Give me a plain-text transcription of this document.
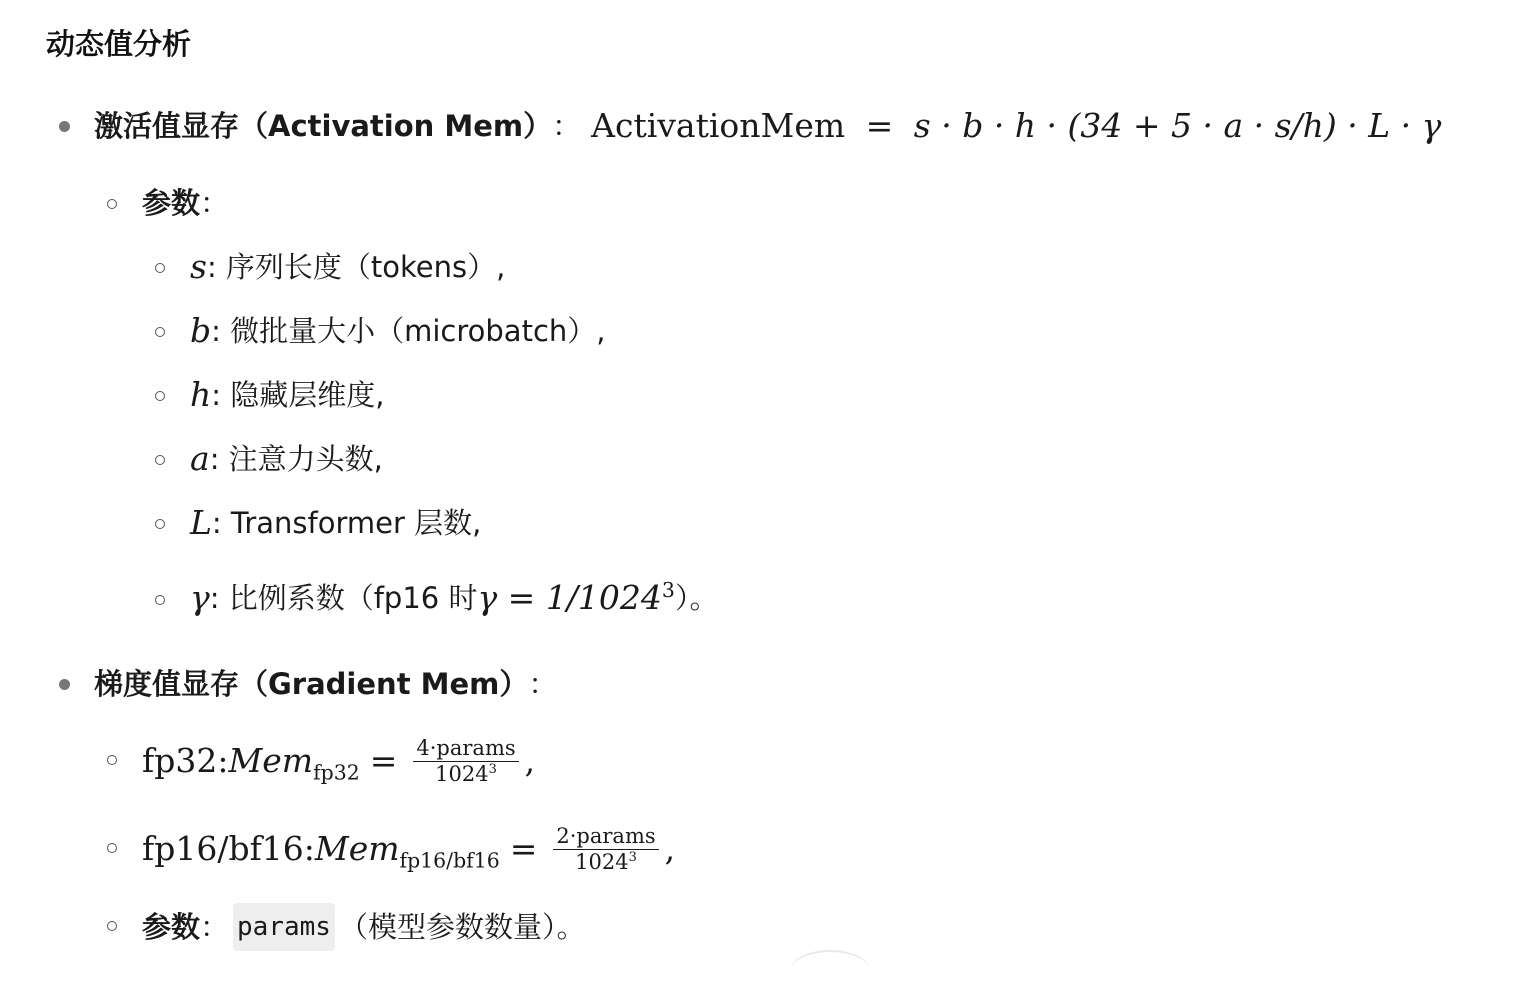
动态值分析
激活值显存（Activation Mem） ： ActivationMem = s · b · h · (34 + 5 · a · s/h) · L · γ
参数 ：
s : 序列长度（tokens）,
b : 微批量大小（microbatch）,
h : 隐藏层维度,
a : 注意力头数,
L : Transformer 层数,
γ : 比例系数（fp16 时 $\gamma = 1/1024^3$ ）。
梯度值显存（Gradient Mem） ：
fp32: $Mem_{fp32} = \frac{\text{4·params}}{1024^3}$ ,
fp16/bf16: $Mem_{fp16/bf16} = \frac{\text{2·params}}{1024^3}$ ,
参数 ： params （模型参数数量）。
